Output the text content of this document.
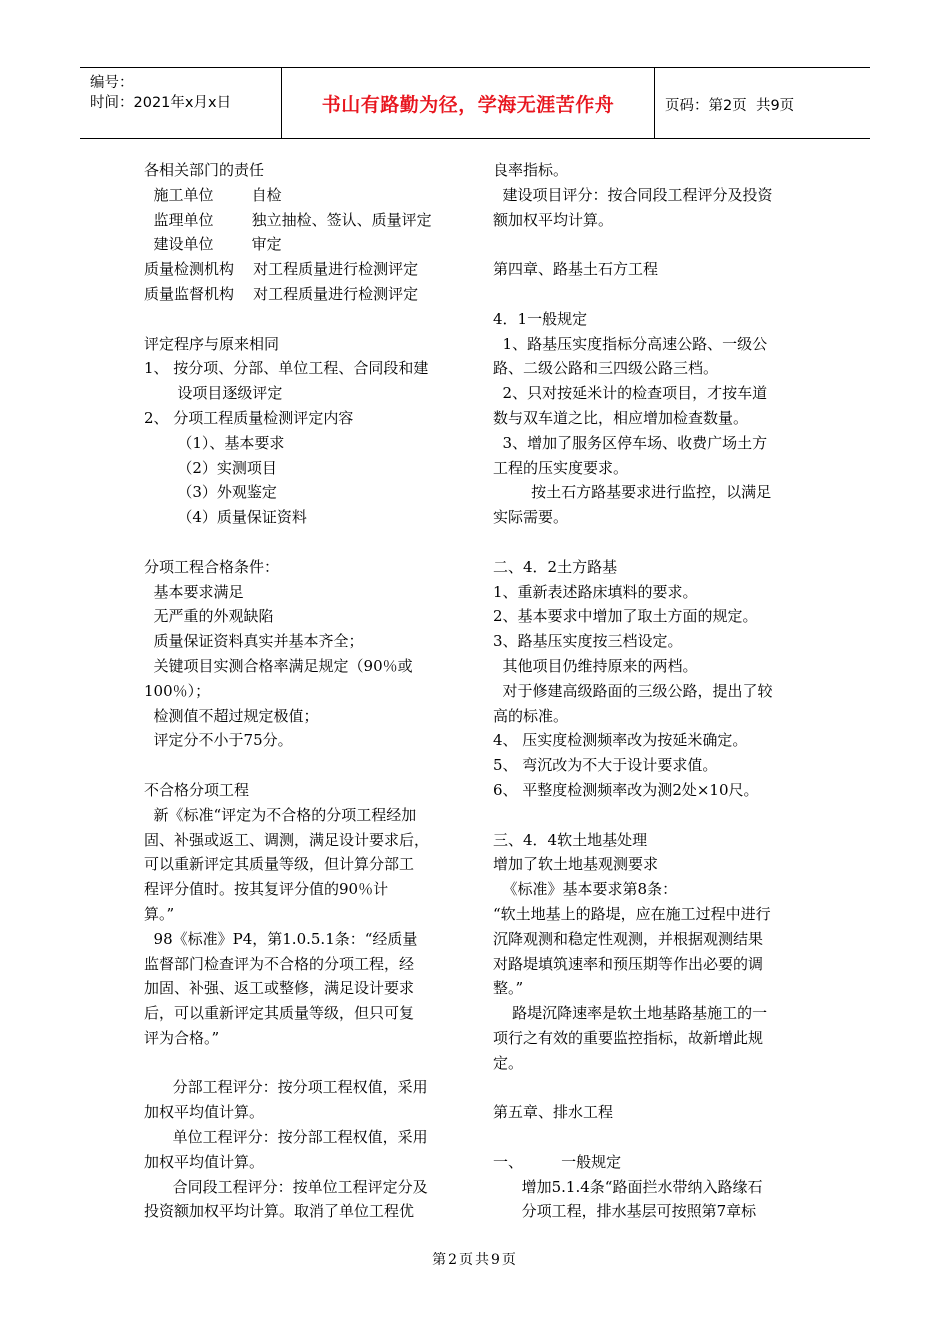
编号：
时间：2021年x月x日	书山有路勤为径，学海无涯苦作舟	页码：第2页  共9页
各相关部门的责任
施工单位        自检
监理单位        独立抽检、签认、质量评定
建设单位        审定
质量检测机构    对工程质量进行检测评定
质量监督机构    对工程质量进行检测评定
评定程序与原来相同
1、 按分项、分部、单位工程、合同段和建
设项目逐级评定
2、 分项工程质量检测评定内容
（1）、基本要求
（2）实测项目
（3）外观鉴定
（4）质量保证资料
分项工程合格条件：
基本要求满足
无严重的外观缺陷
质量保证资料真实并基本齐全；
关键项目实测合格率满足规定（90％或
100％）；
检测值不超过规定极值；
评定分不小于75分。
不合格分项工程
新《标准“评定为不合格的分项工程经加
固、补强或返工、调测，满足设计要求后，
可以重新评定其质量等级，但计算分部工
程评分值时。按其复评分值的90％计
算。”
98《标准》P4，第1.0.5.1条：“经质量
监督部门检查评为不合格的分项工程，经
加固、补强、返工或整修，满足设计要求
后，可以重新评定其质量等级，但只可复
评为合格。”
分部工程评分：按分项工程权值，采用
加权平均值计算。
单位工程评分：按分部工程权值，采用
加权平均值计算。
合同段工程评分：按单位工程评定分及
投资额加权平均计算。取消了单位工程优
良率指标。
建设项目评分：按合同段工程评分及投资
额加权平均计算。
第四章、路基土石方工程
4．1一般规定
1、路基压实度指标分高速公路、一级公
路、二级公路和三四级公路三档。
2、只对按延米计的检查项目，才按车道
数与双车道之比，相应增加检查数量。
3、增加了服务区停车场、收费广场土方
工程的压实度要求。
按土石方路基要求进行监控，以满足
实际需要。
二、4．2土方路基
1、重新表述路床填料的要求。
2、基本要求中增加了取土方面的规定。
3、路基压实度按三档设定。
其他项目仍维持原来的两档。
对于修建高级路面的三级公路，提出了较
高的标准。
4、 压实度检测频率改为按延米确定。
5、 弯沉改为不大于设计要求值。
6、 平整度检测频率改为测2处×10尺。
三、4．4软土地基处理
增加了软土地基观测要求
《标准》基本要求第8条：
“软土地基上的路堤，应在施工过程中进行
沉降观测和稳定性观测，并根据观测结果
对路堤填筑速率和预压期等作出必要的调
整。”
路堤沉降速率是软土地基路基施工的一
项行之有效的重要监控指标，故新增此规
定。
第五章、排水工程
一、        一般规定
增加5.1.4条“路面拦水带纳入路缘石
分项工程，排水基层可按照第7章标
第2页共9页
